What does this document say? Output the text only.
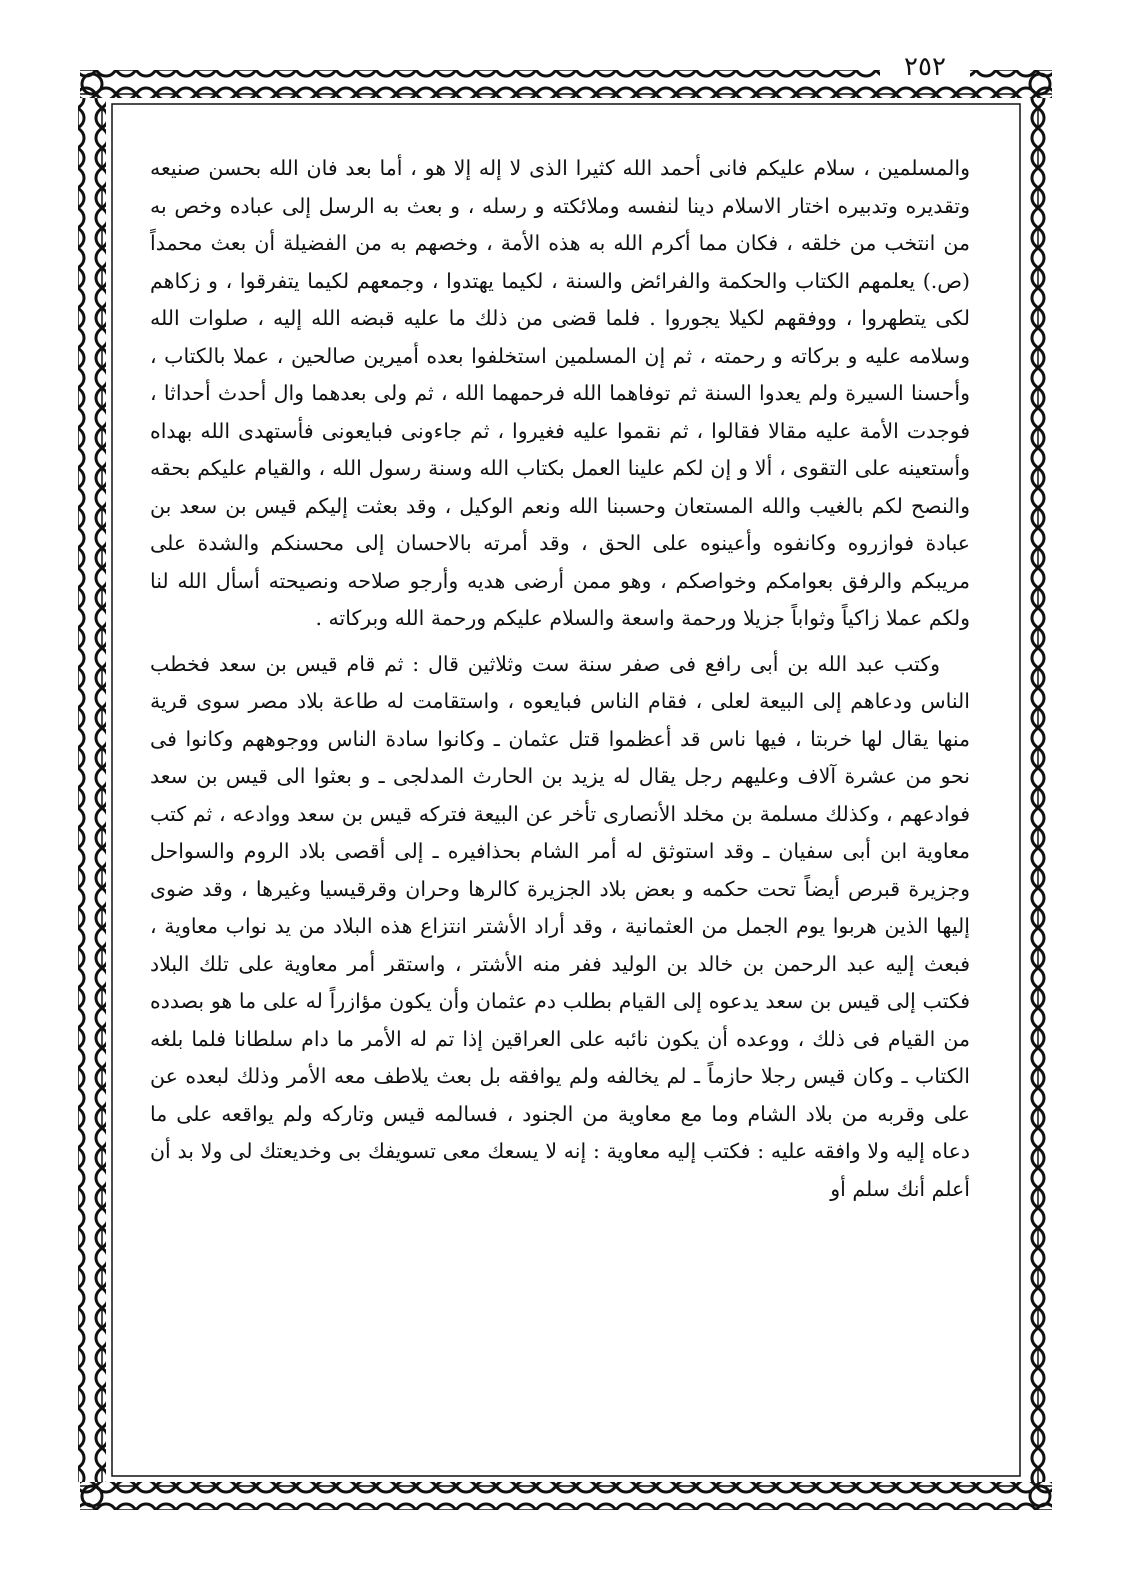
٢٥٢

والمسلمين ، سلام عليكم فانى أحمد الله كثيرا الذى لا إله إلا هو ، أما بعد فان الله بحسن صنيعه وتقديره وتدبيره اختار الاسلام دينا لنفسه وملائكته و رسله ، و بعث به الرسل إلى عباده وخص به من انتخب من خلقه ، فكان مما أكرم الله به هذه الأمة ، وخصهم به من الفضيلة أن بعث محمداً (ص.) يعلمهم الكتاب والحكمة والفرائض والسنة ، لكيما يهتدوا ، وجمعهم لكيما يتفرقوا ، و زكاهم لكى يتطهروا ، ووفقهم لكيلا يجوروا . فلما قضى من ذلك ما عليه قبضه الله إليه ، صلوات الله وسلامه عليه و بركاته و رحمته ، ثم إن المسلمين استخلفوا بعده أميرين صالحين ، عملا بالكتاب ، وأحسنا السيرة ولم يعدوا السنة ثم توفاهما الله فرحمهما الله ، ثم ولى بعدهما وال أحدث أحداثا ، فوجدت الأمة عليه مقالا فقالوا ، ثم نقموا عليه فغيروا ، ثم جاءونى فبايعونى فأستهدى الله بهداه وأستعينه على التقوى ، ألا و إن لكم علينا العمل بكتاب الله وسنة رسول الله ، والقيام عليكم بحقه والنصح لكم بالغيب والله المستعان وحسبنا الله ونعم الوكيل ، وقد بعثت إليكم قيس بن سعد بن عبادة فوازروه وكانفوه وأعينوه على الحق ، وقد أمرته بالاحسان إلى محسنكم والشدة على مريبكم والرفق بعوامكم وخواصكم ، وهو ممن أرضى هديه وأرجو صلاحه ونصيحته أسأل الله لنا ولكم عملا زاكياً وثواباً جزيلا ورحمة واسعة والسلام عليكم ورحمة الله وبركاته .

وكتب عبد الله بن أبى رافع فى صفر سنة ست وثلاثين قال : ثم قام قيس بن سعد فخطب الناس ودعاهم إلى البيعة لعلى ، فقام الناس فبايعوه ، واستقامت له طاعة بلاد مصر سوى قرية منها يقال لها خربتا ، فيها ناس قد أعظموا قتل عثمان ـ وكانوا سادة الناس ووجوههم وكانوا فى نحو من عشرة آلاف وعليهم رجل يقال له يزيد بن الحارث المدلجى ـ و بعثوا الى قيس بن سعد فوادعهم ، وكذلك مسلمة بن مخلد الأنصارى تأخر عن البيعة فتركه قيس بن سعد ووادعه ، ثم كتب معاوية ابن أبى سفيان ـ وقد استوثق له أمر الشام بحذافيره ـ إلى أقصى بلاد الروم والسواحل وجزيرة قبرص أيضاً تحت حكمه و بعض بلاد الجزيرة كالرها وحران وقرقيسيا وغيرها ، وقد ضوى إليها الذين هربوا يوم الجمل من العثمانية ، وقد أراد الأشتر انتزاع هذه البلاد من يد نواب معاوية ، فبعث إليه عبد الرحمن بن خالد بن الوليد ففر منه الأشتر ، واستقر أمر معاوية على تلك البلاد فكتب إلى قيس بن سعد يدعوه إلى القيام بطلب دم عثمان وأن يكون مؤازراً له على ما هو بصدده من القيام فى ذلك ، ووعده أن يكون نائبه على العراقين إذا تم له الأمر ما دام سلطانا فلما بلغه الكتاب ـ وكان قيس رجلا حازماً ـ لم يخالفه ولم يوافقه بل بعث يلاطف معه الأمر وذلك لبعده عن على وقربه من بلاد الشام وما مع معاوية من الجنود ، فسالمه قيس وتاركه ولم يواقعه على ما دعاه إليه ولا وافقه عليه : فكتب إليه معاوية : إنه لا يسعك معى تسويفك بى وخديعتك لى ولا بد أن أعلم أنك سلم أو
